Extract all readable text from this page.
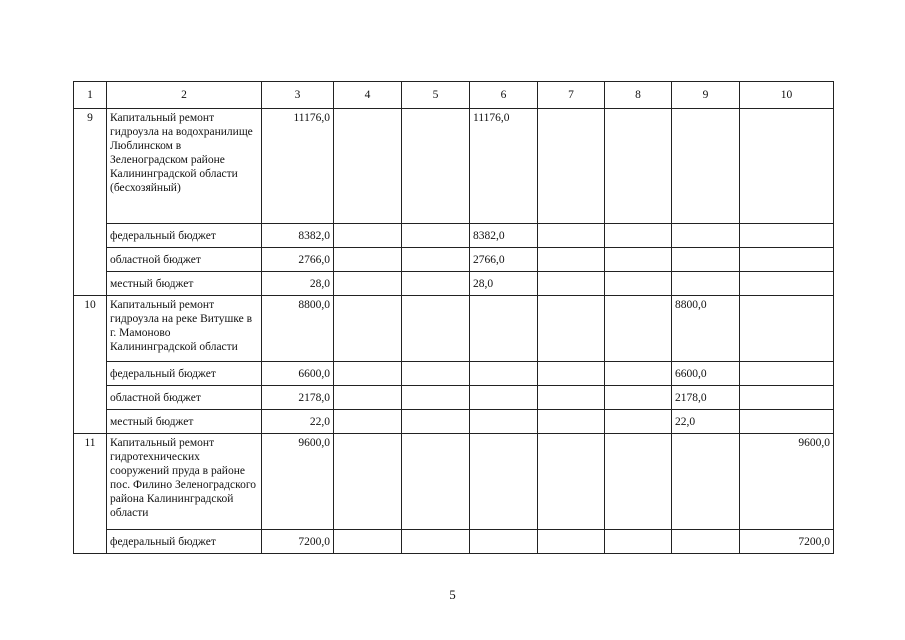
1	2	3	4	5	6	7	8	9	10
9	Капитальный ремонт гидроузла на водохранилище Люблинском в Зеленоградском районе Калининградской области (бесхозяйный)	11176,0			11176,0				
	федеральный бюджет	8382,0			8382,0				
	областной бюджет	2766,0			2766,0				
	местный бюджет	28,0			28,0				
10	Капитальный ремонт гидроузла на реке Витушке в г. Мамоново Калининградской области	8800,0						8800,0	
	федеральный бюджет	6600,0						6600,0	
	областной бюджет	2178,0						2178,0	
	местный бюджет	22,0						22,0	
11	Капитальный ремонт гидротехнических сооружений пруда в районе пос. Филино Зеленоградского района Калининградской области	9600,0							9600,0
	федеральный бюджет	7200,0							7200,0
5
